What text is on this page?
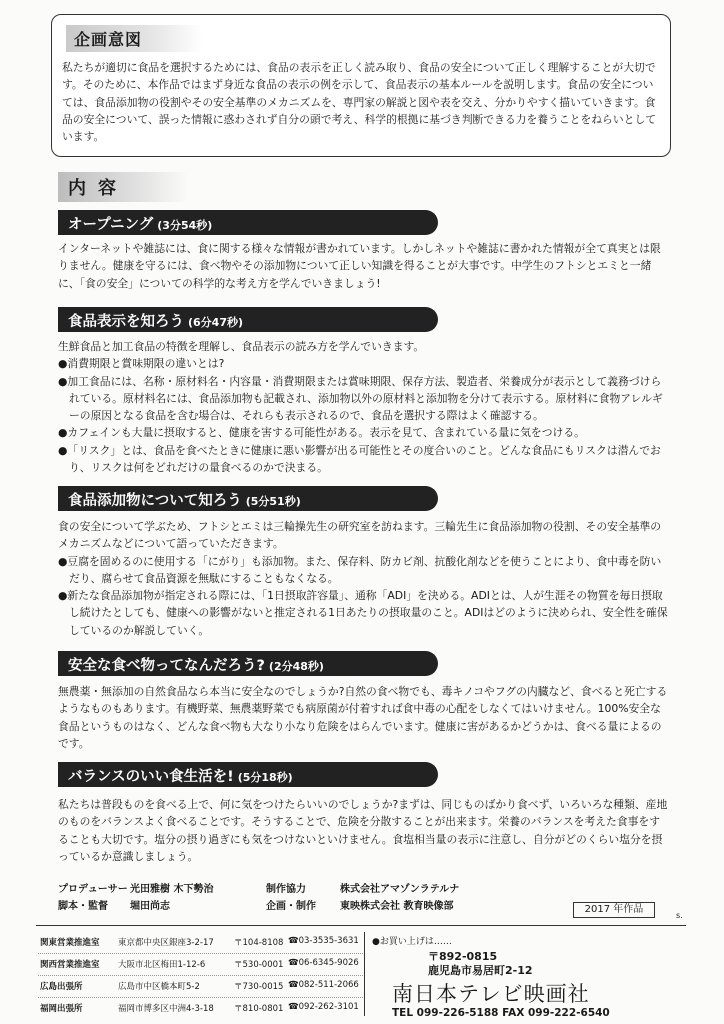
企画意図

私たちが適切に食品を選択するためには、食品の表示を正しく読み取り、食品の安全について正しく理解することが大切です。そのために、本作品ではまず身近な食品の表示の例を示して、食品表示の基本ルールを説明します。食品の安全については、食品添加物の役割やその安全基準のメカニズムを、専門家の解説と図や表を交え、分かりやすく描いていきます。食品の安全について、誤った情報に惑わされず自分の頭で考え、科学的根拠に基づき判断できる力を養うことをねらいとしています。

内容
オープニング (3分54秒)

インターネットや雑誌には、食に関する様々な情報が書かれています。しかしネットや雑誌に書かれた情報が全て真実とは限りません。健康を守るには、食べ物やその添加物について正しい知識を得ることが大事です。中学生のフトシとエミと一緒に、「食の安全」についての科学的な考え方を学んでいきましょう!

食品表示を知ろう (6分47秒)

生鮮食品と加工食品の特徴を理解し、食品表示の読み方を学んでいきます。

●消費期限と賞味期限の違いとは?

●加工食品には、名称・原材料名・内容量・消費期限または賞味期限、保存方法、製造者、栄養成分が表示として義務づけられている。原材料名には、食品添加物も記載され、添加物以外の原材料と添加物を分けて表示する。原材料に食物アレルギーの原因となる食品を含む場合は、それらも表示されるので、食品を選択する際はよく確認する。

●カフェインも大量に摂取すると、健康を害する可能性がある。表示を見て、含まれている量に気をつける。

●「リスク」とは、食品を食べたときに健康に悪い影響が出る可能性とその度合いのこと。どんな食品にもリスクは潜んでおり、リスクは何をどれだけの量食べるのかで決まる。

食品添加物について知ろう (5分51秒)

食の安全について学ぶため、フトシとエミは三輪操先生の研究室を訪ねます。三輪先生に食品添加物の役割、その安全基準のメカニズムなどについて語っていただきます。

●豆腐を固めるのに使用する「にがり」も添加物。また、保存料、防カビ剤、抗酸化剤などを使うことにより、食中毒を防いだり、腐らせて食品資源を無駄にすることもなくなる。

●新たな食品添加物が指定される際には、「1日摂取許容量」、通称「ADI」を決める。ADIとは、人が生涯その物質を毎日摂取し続けたとしても、健康への影響がないと推定される1日あたりの摂取量のこと。ADIはどのように決められ、安全性を確保しているのか解説していく。

安全な食べ物ってなんだろう? (2分48秒)

無農薬・無添加の自然食品なら本当に安全なのでしょうか?自然の食べ物でも、毒キノコやフグの内臓など、食べると死亡するようなものもあります。有機野菜、無農薬野菜でも病原菌が付着すれば食中毒の心配をしなくてはいけません。100%安全な食品というものはなく、どんな食べ物も大なり小なり危険をはらんでいます。健康に害があるかどうかは、食べる量によるのです。

バランスのいい食生活を! (5分18秒)

私たちは普段ものを食べる上で、何に気をつけたらいいのでしょうか?まずは、同じものばかり食べず、いろいろな種類、産地のものをバランスよく食べることです。そうすることで、危険を分散することが出来ます。栄養のバランスを考えた食事をすることも大切です。塩分の摂り過ぎにも気をつけないといけません。食塩相当量の表示に注意し、自分がどのくらい塩分を摂っているか意識しましょう。

プロデューサー 光田雅樹 木下勢治
脚本・監督 堀田尚志
制作協力	株式会社アマゾンラテルナ
企画・制作 東映株式会社 教育映像部	2017 年作品
s.
関東営業推進室 東京都中央区銀座3-2-17 〒104-8108 ☎03-3535-3631
関西営業推進室 大阪市北区梅田1-12-6	〒530-0001 ☎06-6345-9026
広島出張所	広島市中区橋本町5-2	〒730-0015 ☎082-511-2066
福岡出張所	福岡市博多区中洲4-3-18 〒810-0801 ☎092-262-3101
●お買い上げは……
〒892-0815
鹿児島市易居町2-12
南日本テレビ映画社
TEL 099-226-5188 FAX 099-222-6540
